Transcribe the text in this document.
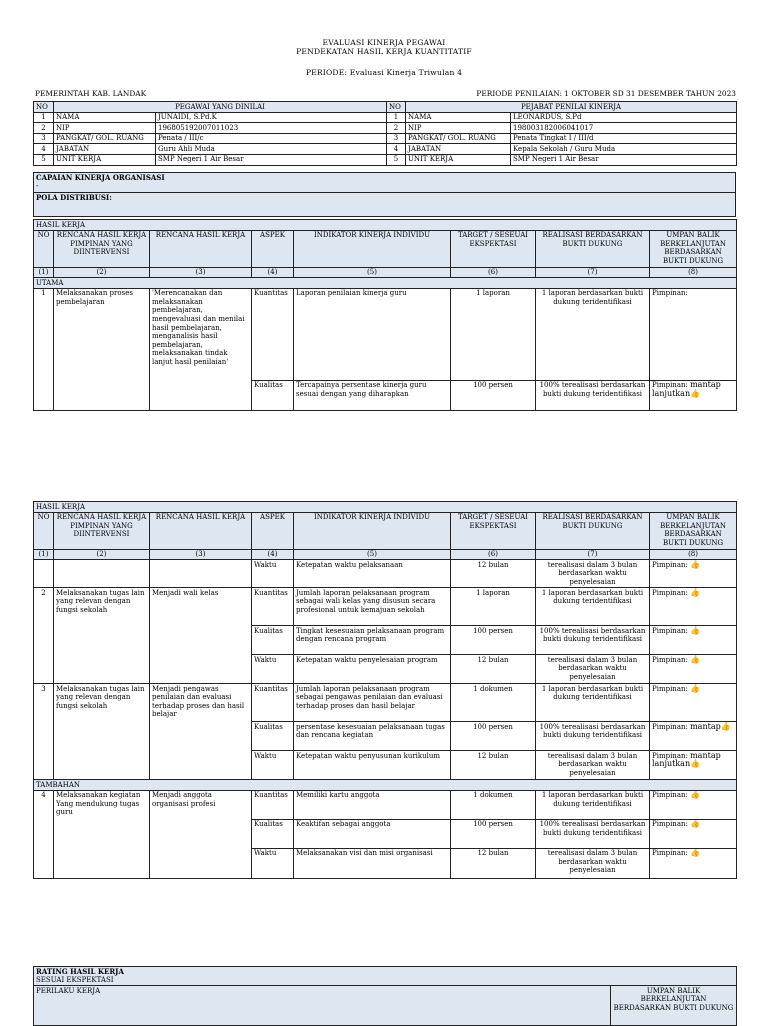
EVALUASI KINERJA PEGAWAI
PENDEKATAN HASIL KERJA KUANTITATIF
PERIODE: Evaluasi Kinerja Triwulan 4
PEMERINTAH KAB. LANDAK	PERIODE PENILAIAN: 1 OKTOBER SD 31 DESEMBER TAHUN 2023
NO	PEGAWAI YANG DINILAI		NO	PEJABAT PENILAI KINERJA	
1	NAMA	JUNAIDI, S.Pd.K	1	NAMA	LEONARDUS, S.Pd
2	NIP	196805192007011023	2	NIP	198003182006041017
3	PANGKAT/ GOL. RUANG	Penata / III/c	3	PANGKAT/ GOL. RUANG	Penata Tingkat I / III/d
4	JABATAN	Guru Ahli Muda	4	JABATAN	Kepala Sekolah / Guru Muda
5	UNIT KERJA	SMP Negeri 1 Air Besar	5	UNIT KERJA	SMP Negeri 1 Air Besar
CAPAIAN KINERJA ORGANISASI
-

POLA DISTRIBUSI:
HASIL KERJA							
NO	RENCANA HASIL KERJA PIMPINAN YANG DIINTERVENSI	RENCANA HASIL KERJA	ASPEK	INDIKATOR KINERJA INDIVIDU	TARGET / SESEUAI EKSPEKTASI	REALISASI BERDASARKAN BUKTI DUKUNG	UMPAN BALIK BERKELANJUTAN BERDASARKAN BUKTI DUKUNG
(1)	(2)	(3)	(4)	(5)	(6)	(7)	(8)
UTAMA							
1	Melaksanakan proses pembelajaran	'Merencanakan dan melaksanakan pembelajaran, mengevaluasi dan menilai hasil pembelajaran, menganalisis hasil pembelajaran, melaksanakan tindak lanjut hasil penilaian'	Kuantitas	Laporan penilaian kinerja guru	1 laporan	1 laporan berdasarkan bukti dukung teridentifikasi	Pimpinan:
			Kualitas	Tercapainya persentase kinerja guru sesuai dengan yang diharapkan	100 persen	100% terealisasi berdasarkan bukti dukung teridentifikasi	Pimpinan: mantap lanjutkan👍
HASIL KERJA							
NO	RENCANA HASIL KERJA PIMPINAN YANG DIINTERVENSI	RENCANA HASIL KERJA	ASPEK	INDIKATOR KINERJA INDIVIDU	TARGET / SESEUAI EKSPEKTASI	REALISASI BERDASARKAN BUKTI DUKUNG	UMPAN BALIK BERKELANJUTAN BERDASARKAN BUKTI DUKUNG
(1)	(2)	(3)	(4)	(5)	(6)	(7)	(8)
			Waktu	Ketepatan waktu pelaksanaan	12 bulan	terealisasi dalam 3 bulan berdasarkan waktu penyelesaian	Pimpinan: 👍
2	Melaksanakan tugas lain yang relevan dengan fungsi sekolah	Menjadi wali kelas	Kuantitas	Jumlah laporan pelaksanaan program sebagai wali kelas yang disusun secara profesional untuk kemajuan sekolah	1 laporan	1 laporan berdasarkan bukti dukung teridentifikasi	Pimpinan: 👍
			Kualitas	Tingkat kesesuaian pelaksanaan program dengan rencana program	100 persen	100% terealisasi berdasarkan bukti dukung teridentifikasi	Pimpinan: 👍
			Waktu	Ketepatan waktu penyelesaian program	12 bulan	terealisasi dalam 3 bulan berdasarkan waktu penyelesaian	Pimpinan: 👍
3	Melaksanakan tugas lain yang relevan dengan fungsi sekolah	Menjadi pengawas penilaian dan evaluasi terhadap proses dan hasil belajar	Kuantitas	Jumlah laporan pelaksanaan program sebagai pengawas penilaian dan evaluasi terhadap proses dan hasil belajar	1 dokumen	1 laporan berdasarkan bukti dukung teridentifikasi	Pimpinan: 👍
			Kualitas	persentase kesesuaian pelaksanaan tugas dan rencana kegiatan	100 persen	100% terealisasi berdasarkan bukti dukung teridentifikasi	Pimpinan: mantap👍
			Waktu	Ketepatan waktu penyusunan kurikulum	12 bulan	terealisasi dalam 3 bulan berdasarkan waktu penyelesaian	Pimpinan: mantap lanjutkan👍
TAMBAHAN							
4	Melaksanakan kegiatan Yang mendukung tugas guru	Menjadi anggota organisasi profesi	Kuantitas	Memiliki kartu anggota	1 dokumen	1 laporan berdasarkan bukti dukung teridentifikasi	Pimpinan: 👍
			Kualitas	Keaktifan sebagai anggota	100 persen	100% terealisasi berdasarkan bukti dukung teridentifikasi	Pimpinan: 👍
			Waktu	Melaksanakan visi dan misi organisasi	12 bulan	terealisasi dalam 3 bulan berdasarkan waktu penyelesaian	Pimpinan: 👍
RATING HASIL KERJA
SESUAI EKSPEKTASI

PERILAKU KERJA	UMPAN BALIK BERKELANJUTAN BERDASARKAN BUKTI DUKUNG
